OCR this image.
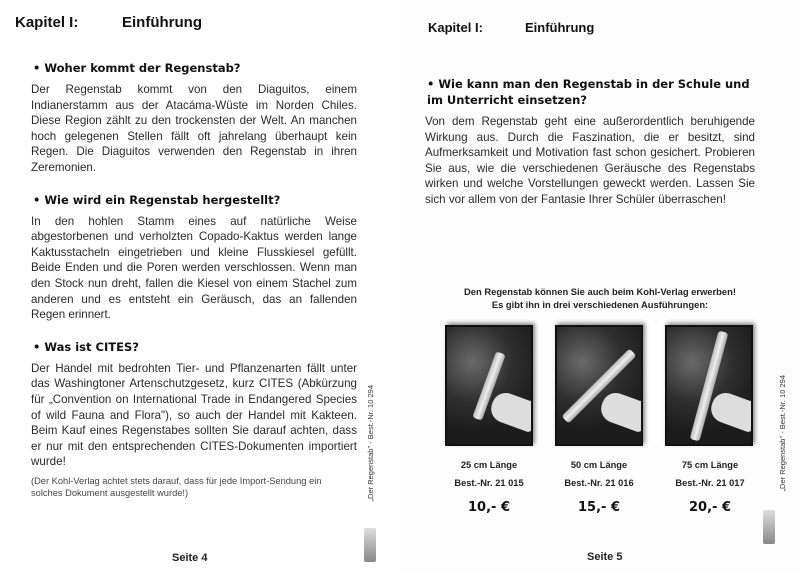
Kapitel I:	Einführung
• Woher kommt der Regenstab?
Der Regenstab kommt von den Diaguitos, einem Indianerstamm aus der Atacáma-Wüste im Norden Chiles. Diese Region zählt zu den trockensten der Welt. An manchen hoch gelegenen Stellen fällt oft jahrelang überhaupt kein Regen. Die Diaguitos verwenden den Regenstab in ihren Zeremonien.
• Wie wird ein Regenstab hergestellt?
In den hohlen Stamm eines auf natürliche Weise abgestorbenen und verholzten Copado-Kaktus werden lange Kaktusstacheln eingetrieben und kleine Flusskiesel gefüllt. Beide Enden und die Poren werden verschlossen. Wenn man den Stock nun dreht, fallen die Kiesel von einem Stachel zum anderen und es entsteht ein Geräusch, das an fallenden Regen erinnert.
• Was ist CITES?
Der Handel mit bedrohten Tier- und Pflanzenarten fällt unter das Washingtoner Artenschutzgesetz, kurz CITES (Abkürzung für „Convention on International Trade in Endangered Species of wild Fauna and Flora"), so auch der Handel mit Kakteen. Beim Kauf eines Regenstabes sollten Sie darauf achten, dass er nur mit den entsprechenden CITES-Dokumenten importiert wurde!
(Der Kohl-Verlag achtet stets darauf, dass für jede Import-Sendung ein solches Dokument ausgestellt wurde!)
Seite 4
„Der Regenstab" - Best.-Nr. 10 294
Kapitel I:	Einführung
• Wie kann man den Regenstab in der Schule und im Unterricht einsetzen?
Von dem Regenstab geht eine außerordentlich beruhigende Wirkung aus. Durch die Faszination, die er besitzt, sind Aufmerksamkeit und Motivation fast schon gesichert. Probieren Sie aus, wie die verschiedenen Geräusche des Regenstabs wirken und welche Vorstellungen geweckt werden. Lassen Sie sich vor allem von der Fantasie Ihrer Schüler überraschen!
Den Regenstab können Sie auch beim Kohl-Verlag erwerben!
Es gibt ihn in drei verschiedenen Ausführungen:
25 cm Länge
Best.-Nr. 21 015
10,- €
50 cm Länge
Best.-Nr. 21 016
15,- €
75 cm Länge
Best.-Nr. 21 017
20,- €
Seite 5
„Der Regenstab" - Best.-Nr. 10 294
